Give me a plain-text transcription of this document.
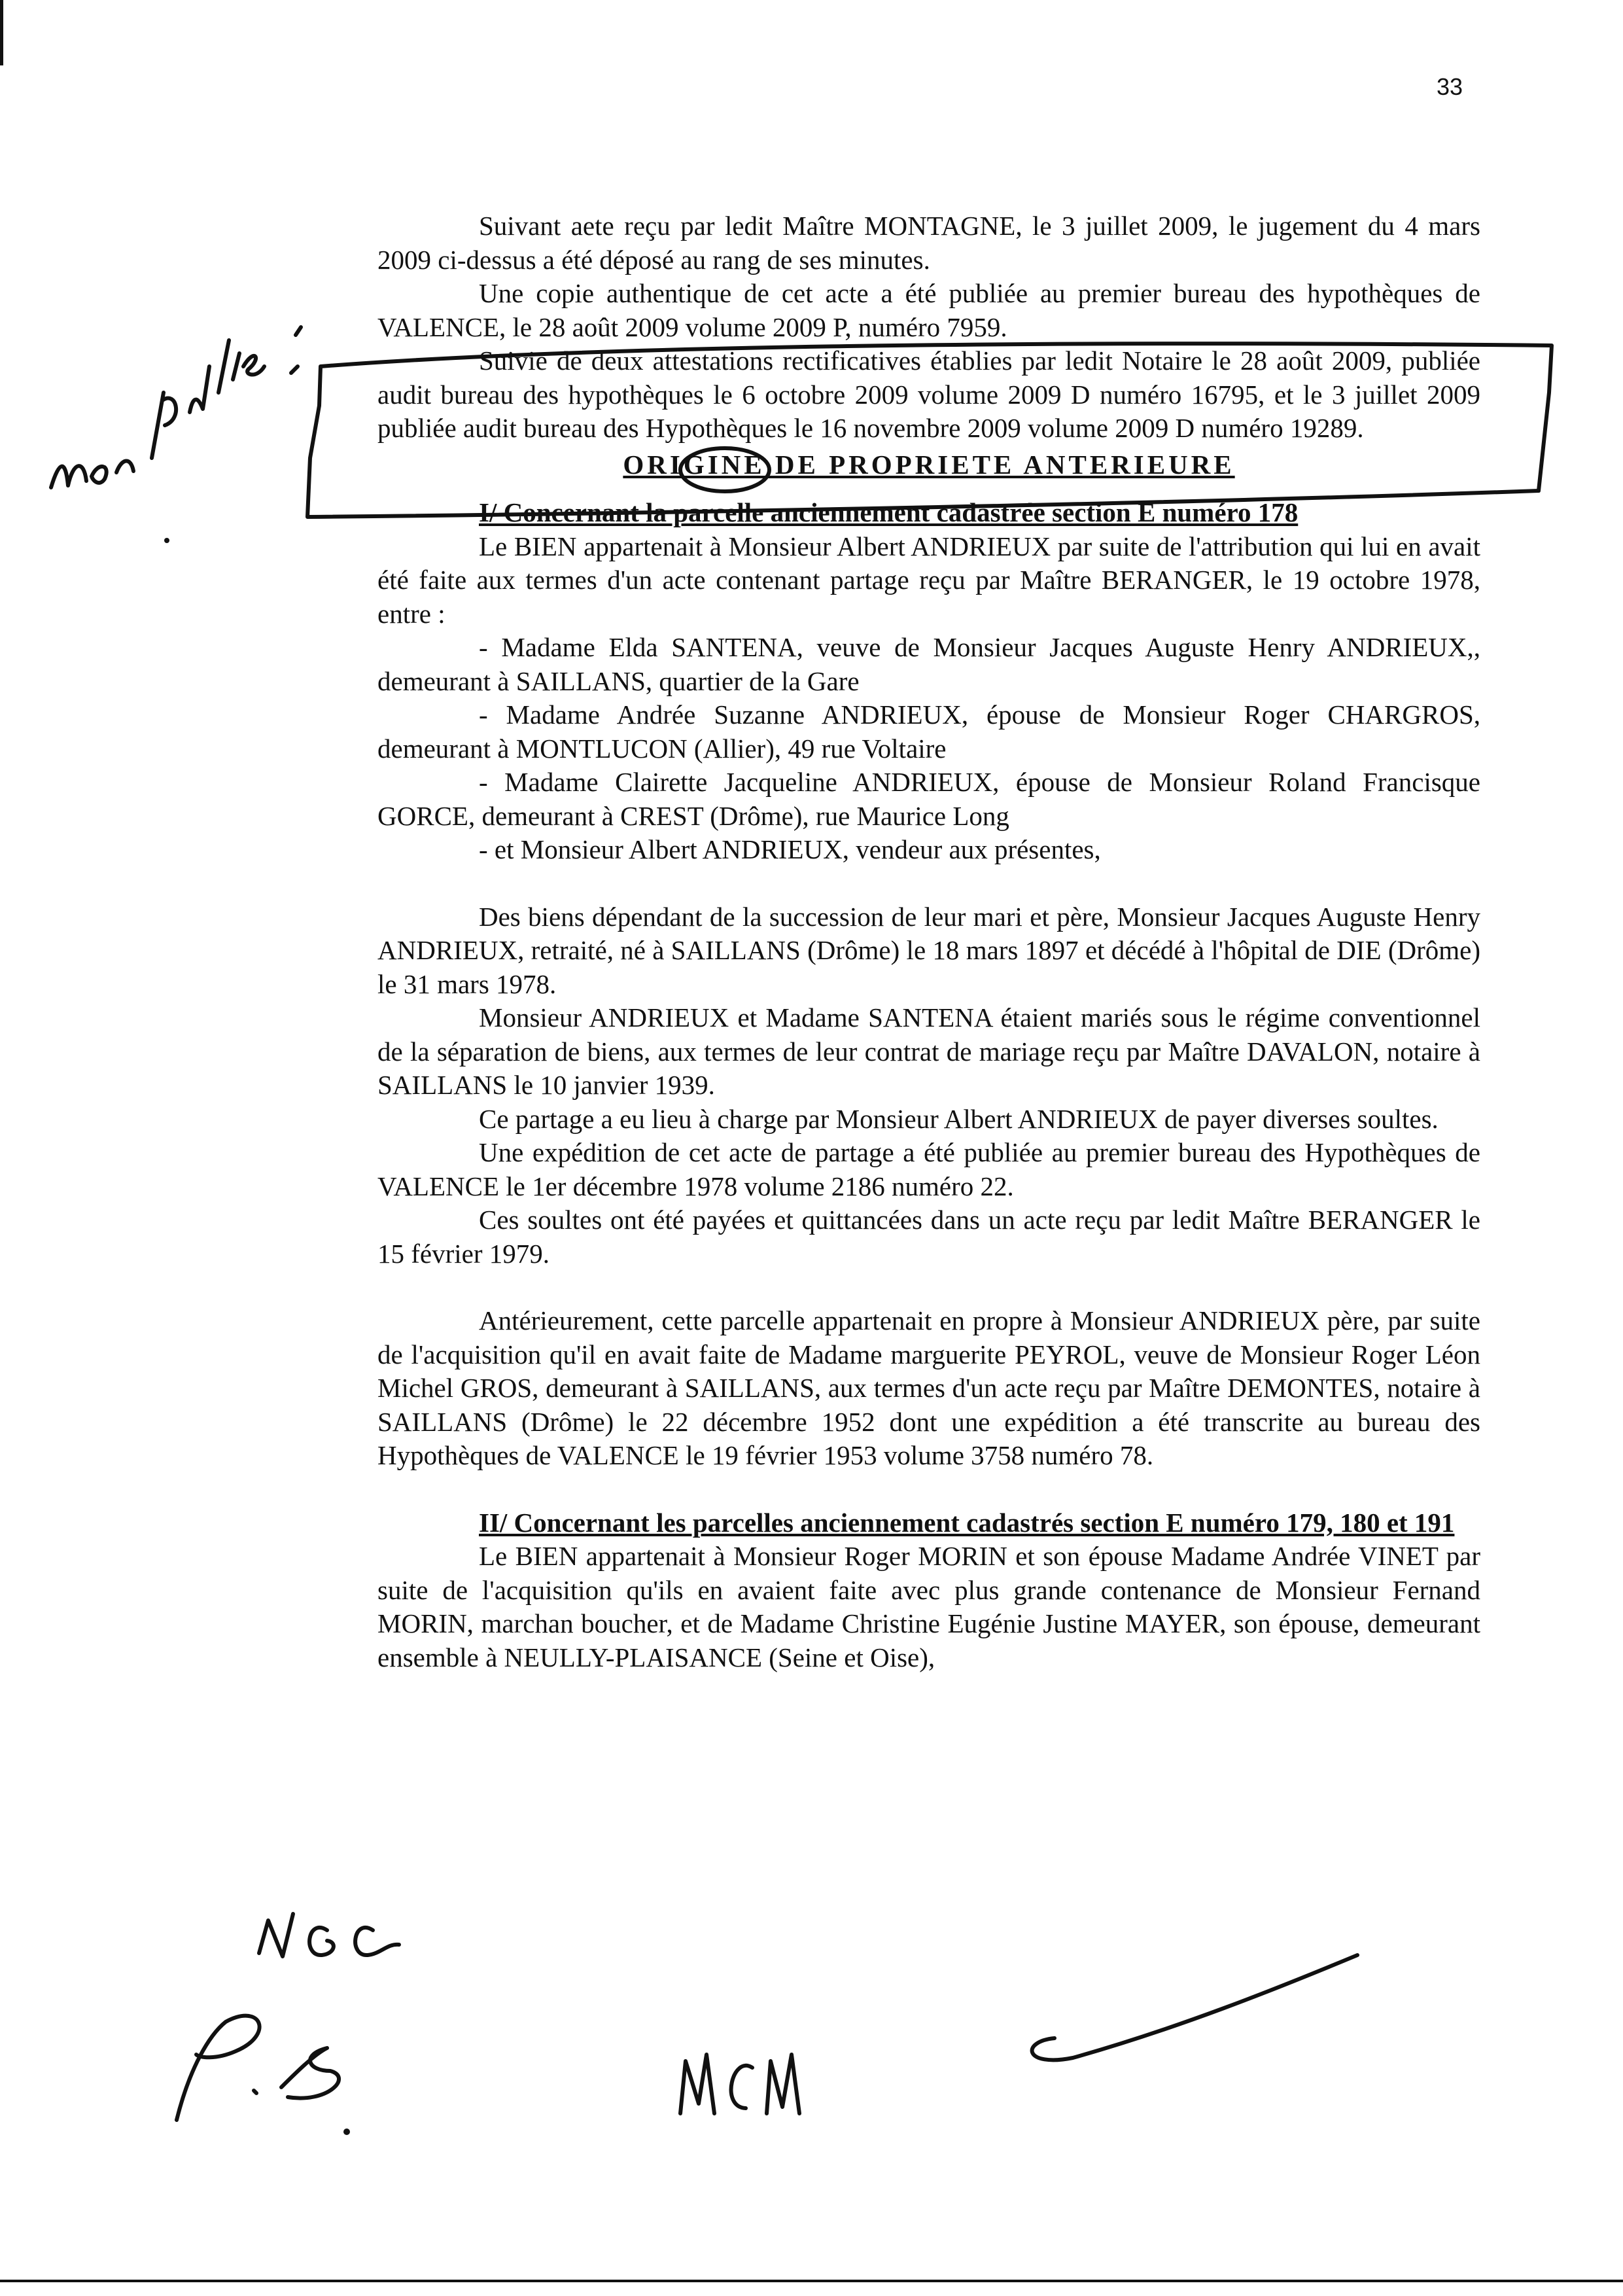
33

Suivant aete reçu par ledit Maître MONTAGNE, le 3 juillet 2009, le jugement du 4 mars 2009 ci-dessus a été déposé au rang de ses minutes.

Une copie authentique de cet acte a été publiée au premier bureau des hypothèques de VALENCE, le 28 août 2009 volume 2009 P, numéro 7959.

Suivie de deux attestations rectificatives établies par ledit Notaire le 28 août 2009, publiée audit bureau des hypothèques le 6 octobre 2009 volume 2009 D numéro 16795, et le 3 juillet 2009 publiée audit bureau des Hypothèques le 16 novembre 2009 volume 2009 D numéro 19289.

ORIGINE DE PROPRIETE ANTERIEURE

I/ Concernant la parcelle anciennement cadastrée section E numéro 178

Le BIEN appartenait à Monsieur Albert ANDRIEUX par suite de l'attribution qui lui en avait été faite aux termes d'un acte contenant partage reçu par Maître BERANGER, le 19 octobre 1978, entre :

- Madame Elda SANTENA, veuve de Monsieur Jacques Auguste Henry ANDRIEUX,, demeurant à SAILLANS, quartier de la Gare

- Madame Andrée Suzanne ANDRIEUX, épouse de Monsieur Roger CHARGROS, demeurant à MONTLUCON (Allier), 49 rue Voltaire

- Madame Clairette Jacqueline ANDRIEUX, épouse de Monsieur Roland Francisque GORCE, demeurant à CREST (Drôme), rue Maurice Long

- et Monsieur Albert ANDRIEUX, vendeur aux présentes,

Des biens dépendant de la succession de leur mari et père, Monsieur Jacques Auguste Henry ANDRIEUX, retraité, né à SAILLANS (Drôme) le 18 mars 1897 et décédé à l'hôpital de DIE (Drôme) le 31 mars 1978.

Monsieur ANDRIEUX et Madame SANTENA étaient mariés sous le régime conventionnel de la séparation de biens, aux termes de leur contrat de mariage reçu par Maître DAVALON, notaire à SAILLANS le 10 janvier 1939.

Ce partage a eu lieu à charge par Monsieur Albert ANDRIEUX de payer diverses soultes.

Une expédition de cet acte de partage a été publiée au premier bureau des Hypothèques de VALENCE le 1er décembre 1978 volume 2186 numéro 22.

Ces soultes ont été payées et quittancées dans un acte reçu par ledit Maître BERANGER le 15 février 1979.

Antérieurement, cette parcelle appartenait en propre à Monsieur ANDRIEUX père, par suite de l'acquisition qu'il en avait faite de Madame marguerite PEYROL, veuve de Monsieur Roger Léon Michel GROS, demeurant à SAILLANS, aux termes d'un acte reçu par Maître DEMONTES, notaire à SAILLANS (Drôme) le 22 décembre 1952 dont une expédition a été transcrite au bureau des Hypothèques de VALENCE le 19 février 1953 volume 3758 numéro 78.

II/ Concernant les parcelles anciennement cadastrés section E numéro 179, 180 et 191

Le BIEN appartenait à Monsieur Roger MORIN et son épouse Madame Andrée VINET par suite de l'acquisition qu'ils en avaient faite avec plus grande contenance de Monsieur Fernand MORIN, marchan boucher, et de Madame Christine Eugénie Justine MAYER, son épouse, demeurant ensemble à NEULLY-PLAISANCE (Seine et Oise),
